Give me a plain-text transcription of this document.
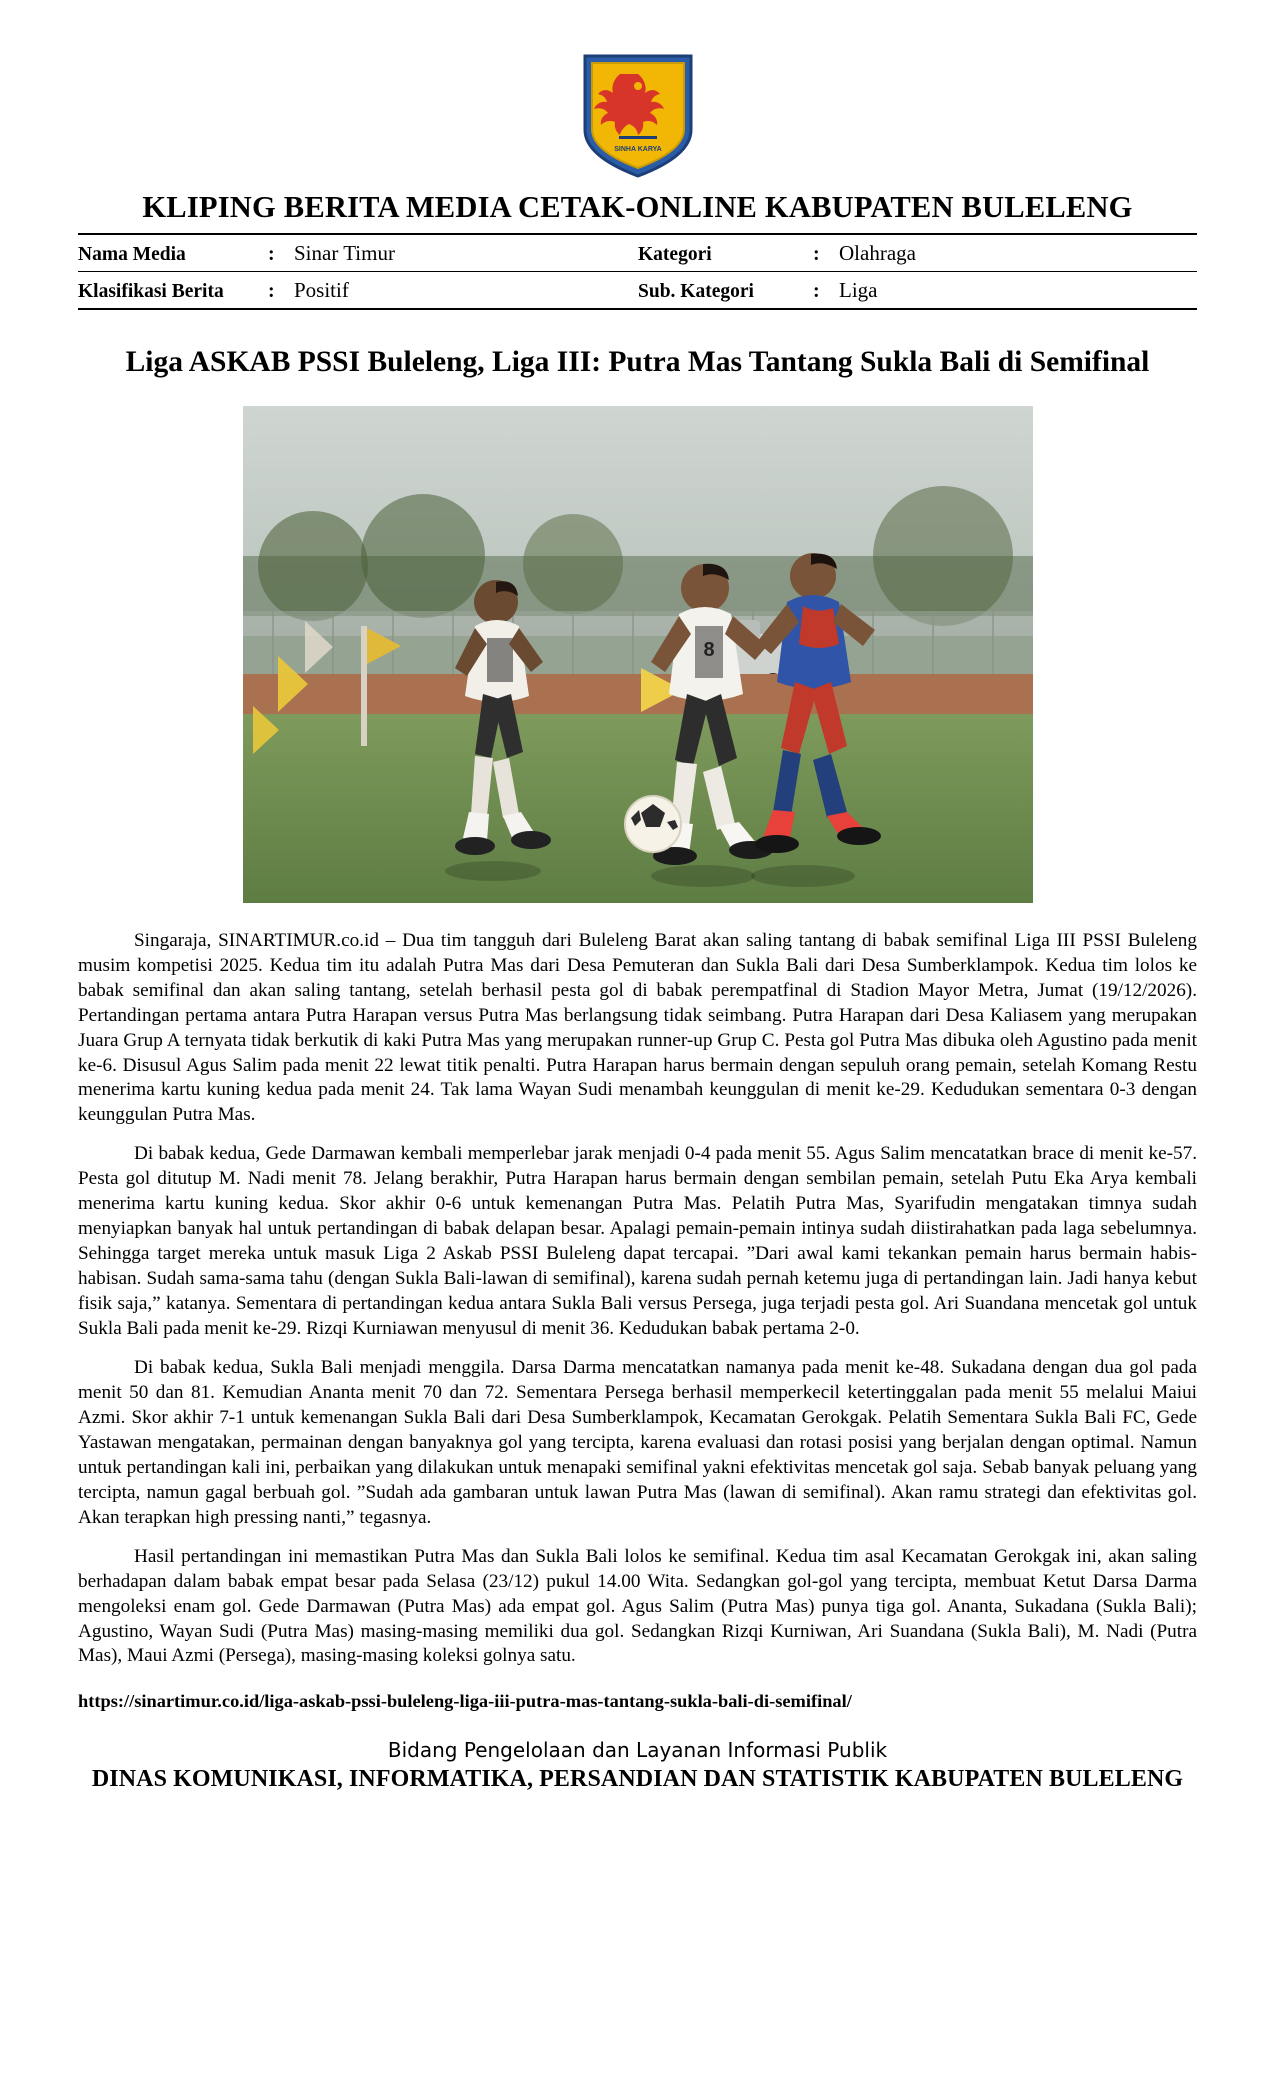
SINHA KARYA
KLIPING BERITA MEDIA CETAK-ONLINE KABUPATEN BULELENG
Nama Media	:	Sinar Timur	Kategori	:	Olahraga
Klasifikasi Berita	:	Positif	Sub. Kategori	:	Liga
Liga ASKAB PSSI Buleleng, Liga III: Putra Mas Tantang Sukla Bali di Semifinal
8

Singaraja, SINARTIMUR.co.id – Dua tim tangguh dari Buleleng Barat akan saling tantang di babak semifinal Liga III PSSI Buleleng musim kompetisi 2025. Kedua tim itu adalah Putra Mas dari Desa Pemuteran dan Sukla Bali dari Desa Sumberklampok. Kedua tim lolos ke babak semifinal dan akan saling tantang, setelah berhasil pesta gol di babak perempatfinal di Stadion Mayor Metra, Jumat (19/12/2026). Pertandingan pertama antara Putra Harapan versus Putra Mas berlangsung tidak seimbang. Putra Harapan dari Desa Kaliasem yang merupakan Juara Grup A ternyata tidak berkutik di kaki Putra Mas yang merupakan runner-up Grup C. Pesta gol Putra Mas dibuka oleh Agustino pada menit ke-6. Disusul Agus Salim pada menit 22 lewat titik penalti. Putra Harapan harus bermain dengan sepuluh orang pemain, setelah Komang Restu menerima kartu kuning kedua pada menit 24. Tak lama Wayan Sudi menambah keunggulan di menit ke-29. Kedudukan sementara 0-3 dengan keunggulan Putra Mas.

Di babak kedua, Gede Darmawan kembali memperlebar jarak menjadi 0-4 pada menit 55. Agus Salim mencatatkan brace di menit ke-57. Pesta gol ditutup M. Nadi menit 78. Jelang berakhir, Putra Harapan harus bermain dengan sembilan pemain, setelah Putu Eka Arya kembali menerima kartu kuning kedua. Skor akhir 0-6 untuk kemenangan Putra Mas. Pelatih Putra Mas, Syarifudin mengatakan timnya sudah menyiapkan banyak hal untuk pertandingan di babak delapan besar. Apalagi pemain-pemain intinya sudah diistirahatkan pada laga sebelumnya. Sehingga target mereka untuk masuk Liga 2 Askab PSSI Buleleng dapat tercapai. ”Dari awal kami tekankan pemain harus bermain habis-habisan. Sudah sama-sama tahu (dengan Sukla Bali-lawan di semifinal), karena sudah pernah ketemu juga di pertandingan lain. Jadi hanya kebut fisik saja,” katanya. Sementara di pertandingan kedua antara Sukla Bali versus Persega, juga terjadi pesta gol. Ari Suandana mencetak gol untuk Sukla Bali pada menit ke-29. Rizqi Kurniawan menyusul di menit 36. Kedudukan babak pertama 2-0.

Di babak kedua, Sukla Bali menjadi menggila. Darsa Darma mencatatkan namanya pada menit ke-48. Sukadana dengan dua gol pada menit 50 dan 81. Kemudian Ananta menit 70 dan 72. Sementara Persega berhasil memperkecil ketertinggalan pada menit 55 melalui Maiui Azmi. Skor akhir 7-1 untuk kemenangan Sukla Bali dari Desa Sumberklampok, Kecamatan Gerokgak. Pelatih Sementara Sukla Bali FC, Gede Yastawan mengatakan, permainan dengan banyaknya gol yang tercipta, karena evaluasi dan rotasi posisi yang berjalan dengan optimal. Namun untuk pertandingan kali ini, perbaikan yang dilakukan untuk menapaki semifinal yakni efektivitas mencetak gol saja. Sebab banyak peluang yang tercipta, namun gagal berbuah gol. ”Sudah ada gambaran untuk lawan Putra Mas (lawan di semifinal). Akan ramu strategi dan efektivitas gol. Akan terapkan high pressing nanti,” tegasnya.

Hasil pertandingan ini memastikan Putra Mas dan Sukla Bali lolos ke semifinal. Kedua tim asal Kecamatan Gerokgak ini, akan saling berhadapan dalam babak empat besar pada Selasa (23/12) pukul 14.00 Wita. Sedangkan gol-gol yang tercipta, membuat Ketut Darsa Darma mengoleksi enam gol. Gede Darmawan (Putra Mas) ada empat gol. Agus Salim (Putra Mas) punya tiga gol. Ananta, Sukadana (Sukla Bali); Agustino, Wayan Sudi (Putra Mas) masing-masing memiliki dua gol. Sedangkan Rizqi Kurniwan, Ari Suandana (Sukla Bali), M. Nadi (Putra Mas), Maui Azmi (Persega), masing-masing koleksi golnya satu.

https://sinartimur.co.id/liga-askab-pssi-buleleng-liga-iii-putra-mas-tantang-sukla-bali-di-semifinal/
Bidang Pengelolaan dan Layanan Informasi Publik
DINAS KOMUNIKASI, INFORMATIKA, PERSANDIAN DAN STATISTIK KABUPATEN BULELENG
